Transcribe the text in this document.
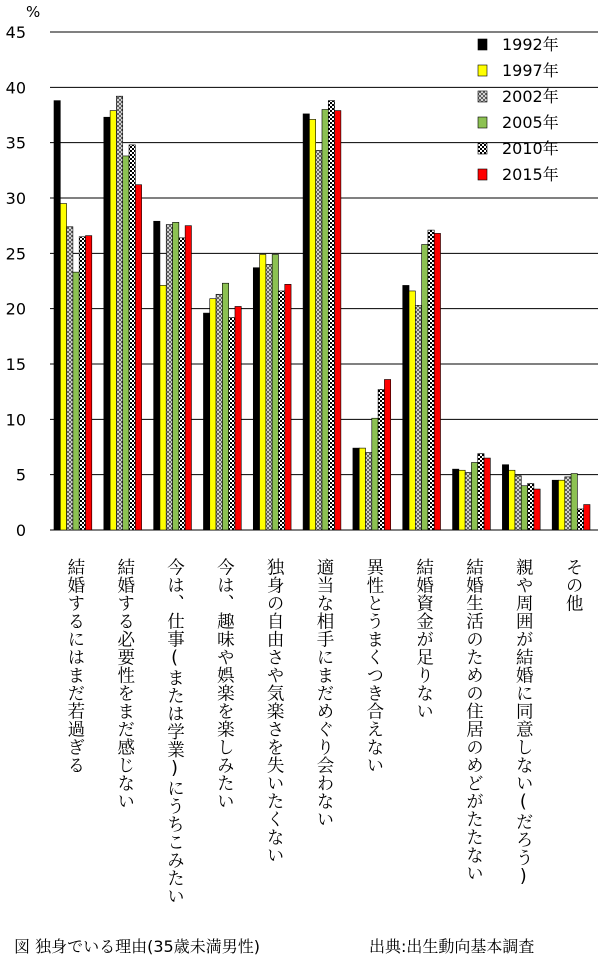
0
5
10
15
20
25
30
35
40
45
1992年
1997年
2002年
2005年
2010年
2015年
%
結婚するにはまだ若過ぎる 結婚する必要性をまだ感じない 今は、仕事(または学業)にうちこみたい 今は、趣味や娯楽を楽しみたい 独身の自由さや気楽さを失いたくない 適当な相手にまだめぐり会わない 異性とうまくつき合えない 結婚資金が足りない 結婚生活のための住居のめどがたたない 親や周囲が結婚に同意しない(だろう) その他
図 独身でいる理由(35歳未満男性)	出典:出生動向基本調査
